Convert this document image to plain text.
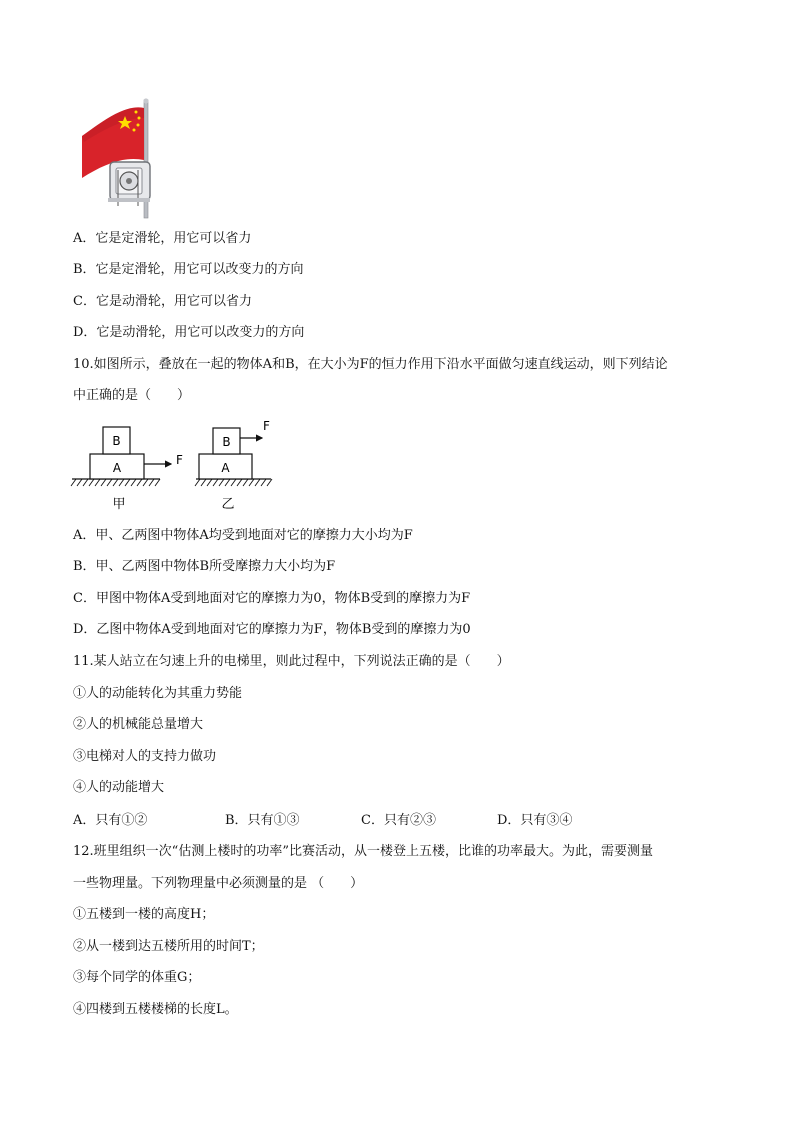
A．它是定滑轮，用它可以省力
B．它是定滑轮，用它可以改变力的方向
C．它是动滑轮，用它可以省力
D．它是动滑轮，用它可以改变力的方向
10.如图所示，叠放在一起的物体A和B，在大小为F的恒力作用下沿水平面做匀速直线运动，则下列结论
中正确的是（　　）
B
A
F
甲
B
A
F
乙
A．甲、乙两图中物体A均受到地面对它的摩擦力大小均为F
B．甲、乙两图中物体B所受摩擦力大小均为F
C．甲图中物体A受到地面对它的摩擦力为0，物体B受到的摩擦力为F
D．乙图中物体A受到地面对它的摩擦力为F，物体B受到的摩擦力为0
11.某人站立在匀速上升的电梯里，则此过程中，下列说法正确的是（　　）
①人的动能转化为其重力势能
②人的机械能总量增大
③电梯对人的支持力做功
④人的动能增大
A．只有①②	B．只有①③	C．只有②③	D．只有③④
12.班里组织一次“估测上楼时的功率”比赛活动，从一楼登上五楼，比谁的功率最大。为此，需要测量
一些物理量。下列物理量中必须测量的是 （　　）
①五楼到一楼的高度H；
②从一楼到达五楼所用的时间T；
③每个同学的体重G；
④四楼到五楼楼梯的长度L。
